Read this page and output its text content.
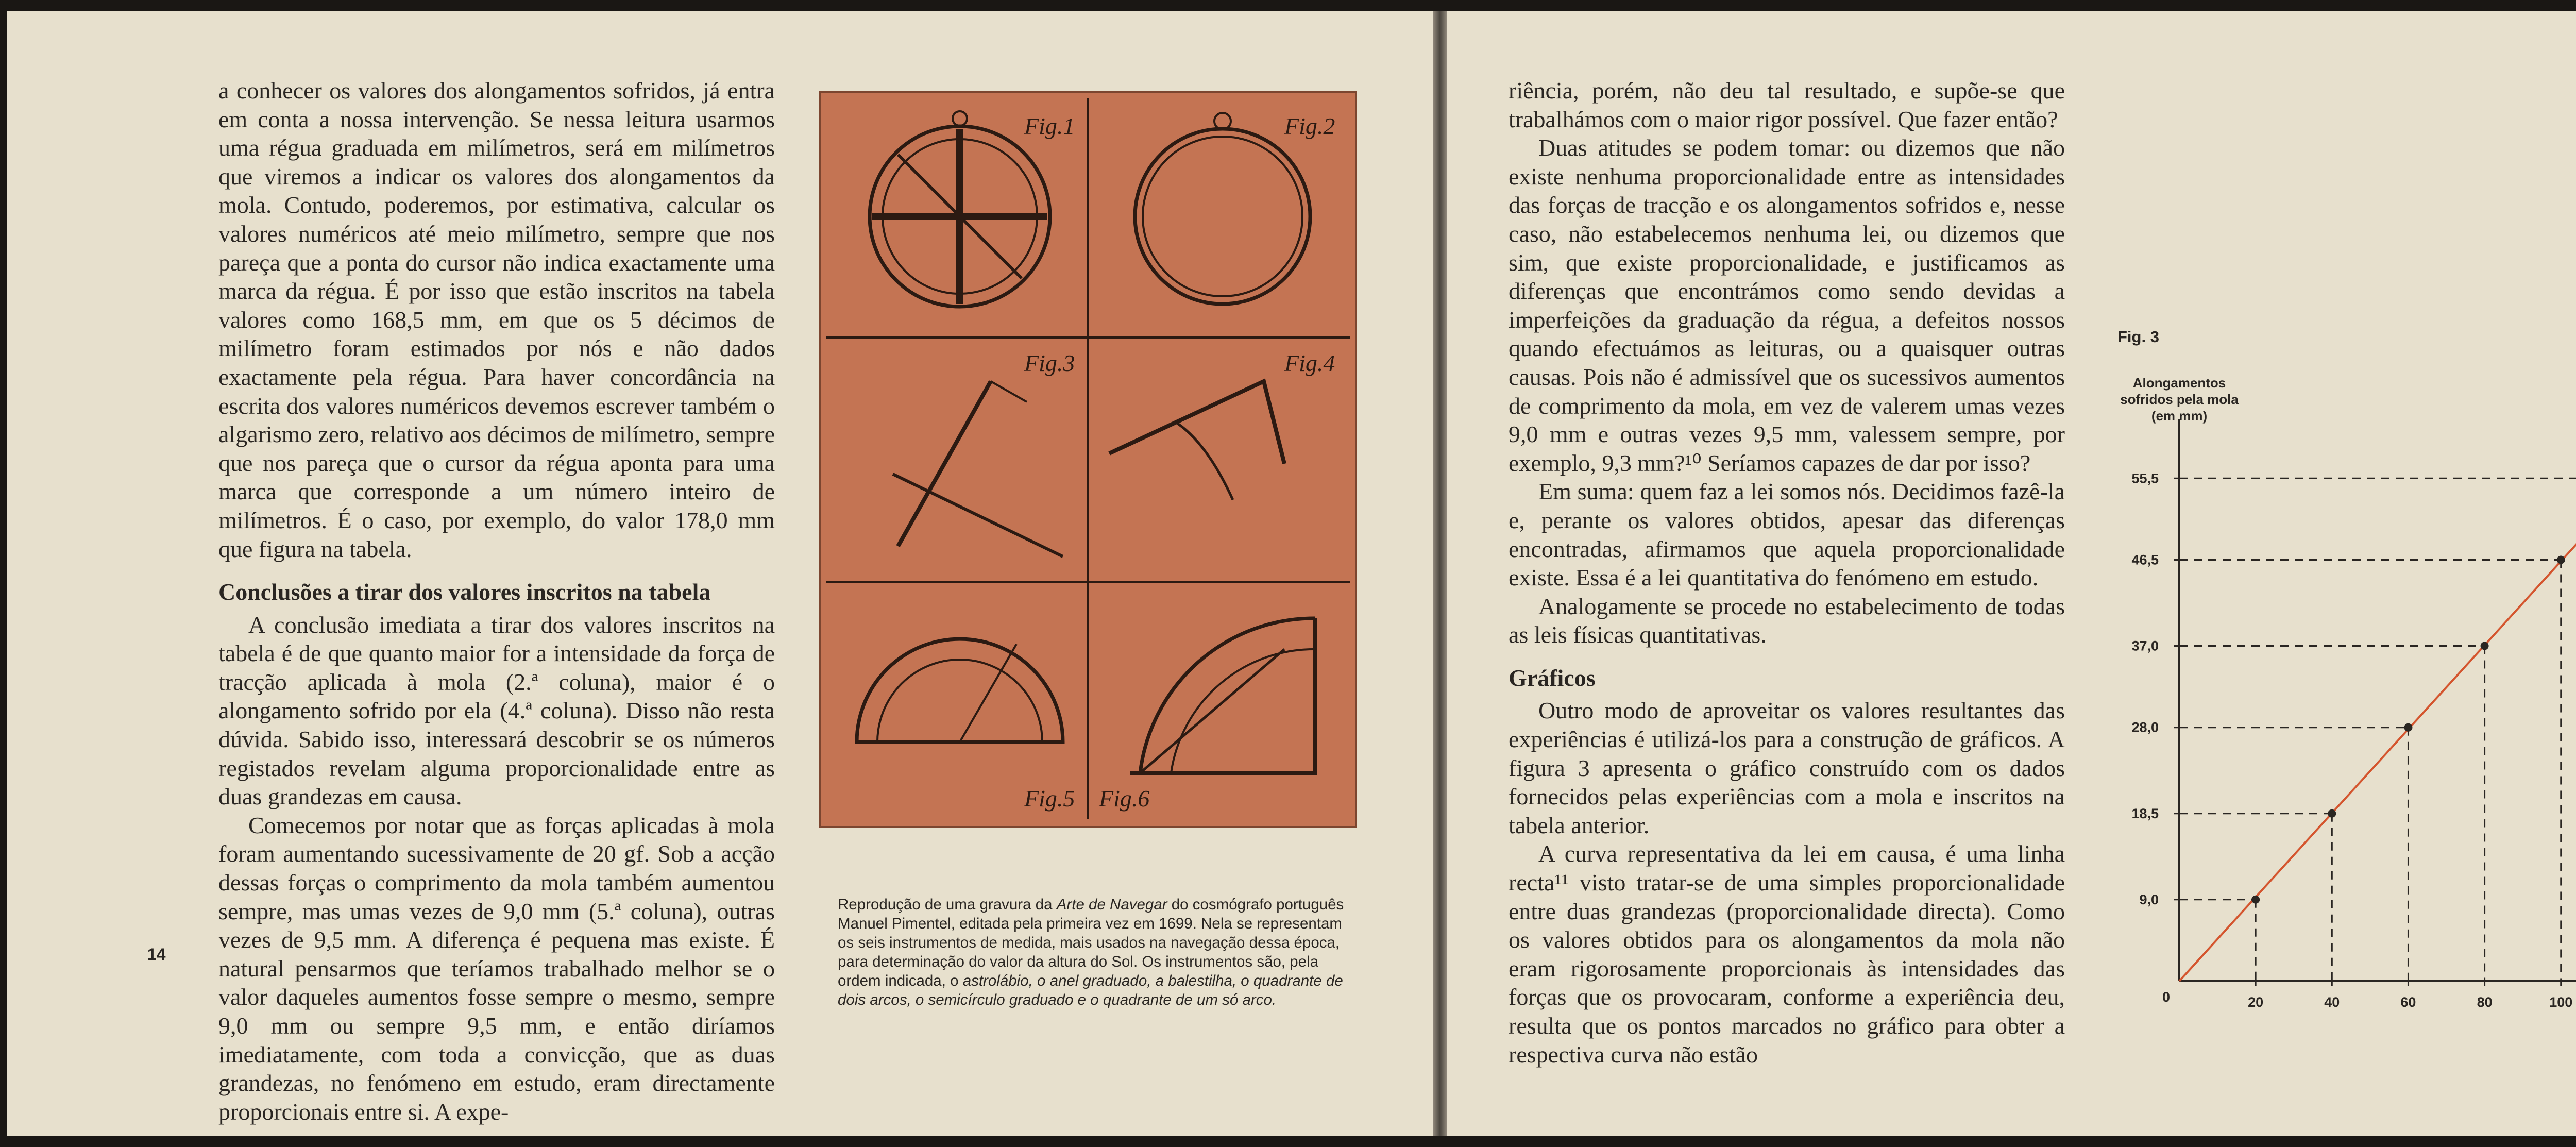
a conhecer os valores dos alongamentos sofridos, já entra em conta a nossa intervenção. Se nessa leitura usarmos uma régua graduada em milímetros, será em milímetros que viremos a indicar os valores dos alongamentos da mola. Contudo, poderemos, por estimativa, calcular os valores numéricos até meio milímetro, sempre que nos pareça que a ponta do cursor não indica exactamente uma marca da régua. É por isso que estão inscritos na tabela valores como 168,5 mm, em que os 5 décimos de milímetro foram estimados por nós e não dados exactamente pela régua. Para haver concordância na escrita dos valores numéricos devemos escrever também o algarismo zero, relativo aos décimos de milímetro, sempre que nos pareça que o cursor da régua aponta para uma marca que corresponde a um número inteiro de milímetros. É o caso, por exemplo, do valor 178,0 mm que figura na tabela.

Conclusões a tirar dos valores inscritos na tabela

A conclusão imediata a tirar dos valores inscritos na tabela é de que quanto maior for a intensidade da força de tracção aplicada à mola (2.ª coluna), maior é o alongamento sofrido por ela (4.ª coluna). Disso não resta dúvida. Sabido isso, interessará descobrir se os números registados revelam alguma proporcionalidade entre as duas grandezas em causa.

Comecemos por notar que as forças aplicadas à mola foram aumentando sucessivamente de 20 gf. Sob a acção dessas forças o comprimento da mola também aumentou sempre, mas umas vezes de 9,0 mm (5.ª coluna), outras vezes de 9,5 mm. A diferença é pequena mas existe. É natural pensarmos que teríamos trabalhado melhor se o valor daqueles aumentos fosse sempre o mesmo, sempre 9,0 mm ou sempre 9,5 mm, e então diríamos imediatamente, com toda a convicção, que as duas grandezas, no fenómeno em estudo, eram directamente proporcionais entre si. A expe-

14
Fig.1	Fig.2
Fig.3	Fig.4
Fig.5 Fig.6
Reprodução de uma gravura da Arte de Navegar do cosmógrafo português Manuel Pimentel, editada pela primeira vez em 1699. Nela se representam os seis instrumentos de medida, mais usados na navegação dessa época, para determinação do valor da altura do Sol. Os instrumentos são, pela ordem indicada, o astrolábio, o anel graduado, a balestilha, o quadrante de dois arcos, o semicírculo graduado e o quadrante de um só arco.

riência, porém, não deu tal resultado, e supõe-se que trabalhámos com o maior rigor possível. Que fazer então?

Duas atitudes se podem tomar: ou dizemos que não existe nenhuma proporcionalidade entre as intensidades das forças de tracção e os alongamentos sofridos e, nesse caso, não estabelecemos nenhuma lei, ou dizemos que sim, que existe proporcionalidade, e justificamos as diferenças que encontrámos como sendo devidas a imperfeições da graduação da régua, a defeitos nossos quando efectuámos as leituras, ou a quaisquer outras causas. Pois não é admissível que os sucessivos aumentos de comprimento da mola, em vez de valerem umas vezes 9,0 mm e outras vezes 9,5 mm, valessem sempre, por exemplo, 9,3 mm?¹⁰ Seríamos capazes de dar por isso?

Em suma: quem faz a lei somos nós. Decidimos fazê-la e, perante os valores obtidos, apesar das diferenças encontradas, afirmamos que aquela proporcionalidade existe. Essa é a lei quantitativa do fenómeno em estudo.

Analogamente se procede no estabelecimento de todas as leis físicas quantitativas.

Gráficos

Outro modo de aproveitar os valores resultantes das experiências é utilizá-los para a construção de gráficos. A figura 3 apresenta o gráfico construído com os dados fornecidos pelas experiências com a mola e inscritos na tabela anterior.

A curva representativa da lei em causa, é uma linha recta¹¹ visto tratar-se de uma simples proporcionalidade entre duas grandezas (proporcionalidade directa). Como os valores obtidos para os alongamentos da mola não eram rigorosamente proporcionais às intensidades das forças que os provocaram, conforme a experiência deu, resulta que os pontos marcados no gráfico para obter a respectiva curva não estão

Fig. 3
Alongamentos sofridos pela mola (em mm)
0	20
9,0
40
18,5
60
28,0
80
37,0
100
46,5
55,5
